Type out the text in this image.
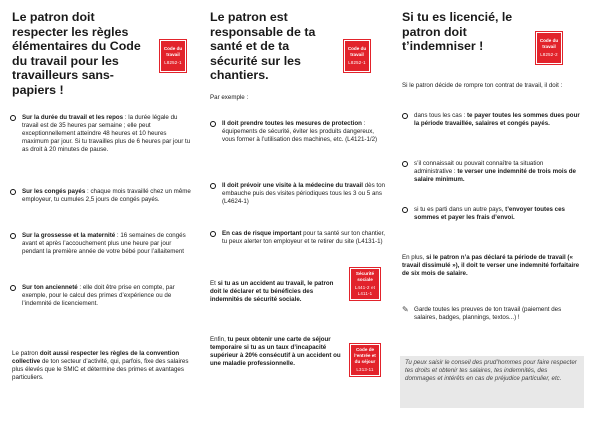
Le patron doit respecter les règles élémentaires du Code du travail pour les travailleurs sans-papiers !
Code du travail
L8252-1
Sur la durée du travail et les repos : la durée légale du travail est de 35 heures par semaine ; elle peut exceptionnellement atteindre 48 heures et 10 heures maximum par jour. Si tu travailles plus de 6 heures par jour tu as droit à 20 minutes de pause.
Sur les congés payés : chaque mois travaillé chez un même employeur, tu cumules 2,5 jours de congés payés.
Sur la grossesse et la maternité : 16 semaines de congés avant et après l’accouchement plus une heure par jour pendant la première année de votre bébé pour l’allaitement
Sur ton ancienneté : elle doit être prise en compte, par exemple, pour le calcul des primes d’expérience ou de l’indemnité de licenciement.

Le patron doit aussi respecter les règles de la convention collective de ton secteur d’activité, qui, parfois, fixe des salaires plus élevés que le SMIC et détermine des primes et avantages particuliers.

Le patron est responsable de ta santé et de ta sécurité sur les chantiers.
Code du travail
L8252-1

Par exemple :

Il doit prendre toutes les mesures de protection : équipements de sécurité, éviter les produits dangereux, vous former à l’utilisation des machines, etc. (L4121-1/2)
Il doit prévoir une visite à la médecine du travail dès ton embauche puis des visites périodiques tous les 3 ou 5 ans (L4624-1)
En cas de risque important pour ta santé sur ton chantier, tu peux alerter ton employeur et te retirer du site (L4131-1)

Et si tu as un accident au travail, le patron doit le déclarer et tu bénéficies des indemnités de sécurité sociale.

Sécurité sociale
L441-2 et L411-1

Enfin, tu peux obtenir une carte de séjour temporaire si tu as un taux d’incapacité supérieur à 20% consécutif à un accident ou une maladie professionnelle.

Code de l’entrée et du séjour
L313-11
Si tu es licencié, le patron doit t’indemniser !	Code du travail
L8252-2

Si le patron décide de rompre ton contrat de travail, il doit :

dans tous les cas : te payer toutes les sommes dues pour la période travaillée, salaires et congés payés.
s’il connaissait ou pouvait connaître ta situation administrative : te verser une indemnité de trois mois de salaire minimum.
si tu es parti dans un autre pays, t’envoyer toutes ces sommes et payer les frais d’envoi.

En plus, si le patron n’a pas déclaré ta période de travail (« travail dissimulé »), il doit te verser une indemnité forfaitaire de six mois de salaire.

✎ Garde toutes les preuves de ton travail (paiement des salaires, badges, plannings, textos...) !
Tu peux saisir le conseil des prud’hommes pour faire respecter tes droits et obtenir tes salaires, tes indemnités, des dommages et intérêts en cas de préjudice particulier, etc.
